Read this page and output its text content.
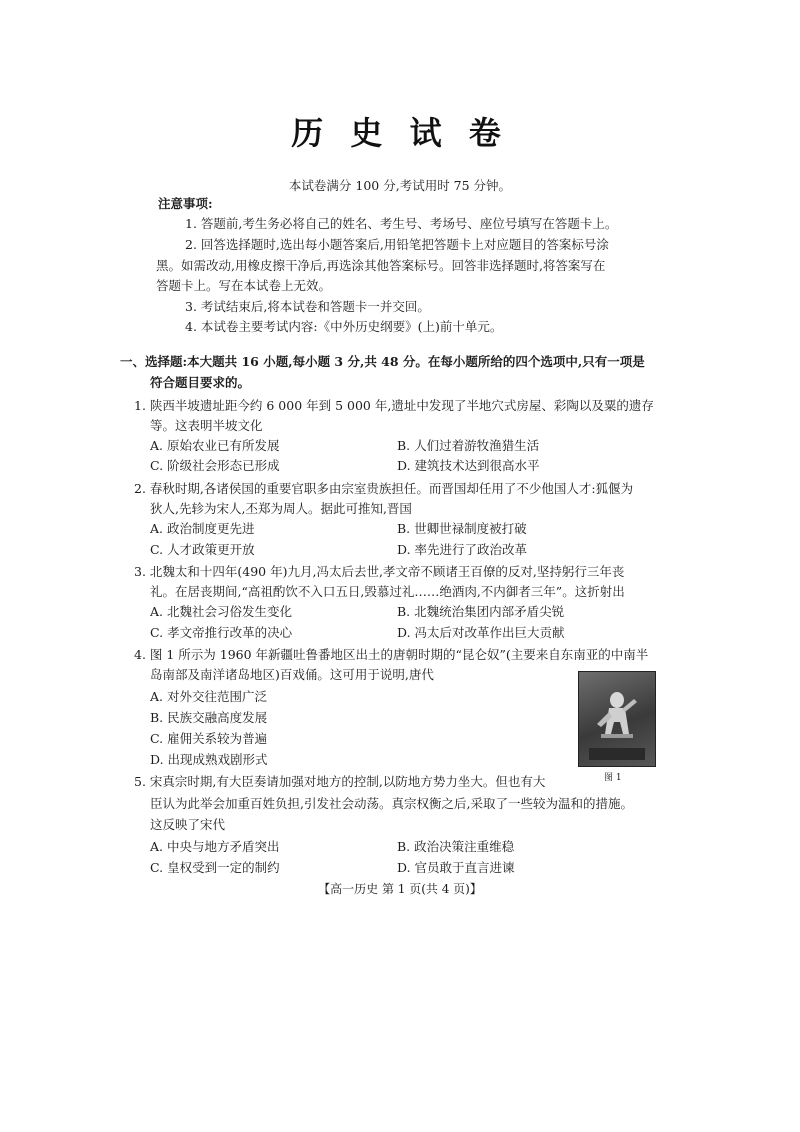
历 史 试 卷
本试卷满分 100 分,考试用时 75 分钟。
注意事项:
1. 答题前,考生务必将自己的姓名、考生号、考场号、座位号填写在答题卡上。
2. 回答选择题时,选出每小题答案后,用铅笔把答题卡上对应题目的答案标号涂
黑。如需改动,用橡皮擦干净后,再选涂其他答案标号。回答非选择题时,将答案写在
答题卡上。写在本试卷上无效。
3. 考试结束后,将本试卷和答题卡一并交回。
4. 本试卷主要考试内容:《中外历史纲要》(上)前十单元。
一、选择题:本大题共 16 小题,每小题 3 分,共 48 分。在每小题所给的四个选项中,只有一项是
符合题目要求的。
1. 陕西半坡遗址距今约 6 000 年到 5 000 年,遗址中发现了半地穴式房屋、彩陶以及粟的遗存
等。这表明半坡文化
A. 原始农业已有所发展	B. 人们过着游牧渔猎生活
C. 阶级社会形态已形成	D. 建筑技术达到很高水平
2. 春秋时期,各诸侯国的重要官职多由宗室贵族担任。而晋国却任用了不少他国人才:狐偃为
狄人,先轸为宋人,丕郑为周人。据此可推知,晋国
A. 政治制度更先进	B. 世卿世禄制度被打破
C. 人才政策更开放	D. 率先进行了政治改革
3. 北魏太和十四年(490 年)九月,冯太后去世,孝文帝不顾诸王百僚的反对,坚持躬行三年丧
礼。在居丧期间,“高祖酌饮不入口五日,毁慕过礼……绝酒肉,不内御者三年”。这折射出
A. 北魏社会习俗发生变化	B. 北魏统治集团内部矛盾尖锐
C. 孝文帝推行改革的决心	D. 冯太后对改革作出巨大贡献
4. 图 1 所示为 1960 年新疆吐鲁番地区出土的唐朝时期的“昆仑奴”(主要来自东南亚的中南半
岛南部及南洋诸岛地区)百戏俑。这可用于说明,唐代
A. 对外交往范围广泛
B. 民族交融高度发展
C. 雇佣关系较为普遍
D. 出现成熟戏剧形式
图 1
5. 宋真宗时期,有大臣奏请加强对地方的控制,以防地方势力坐大。但也有大
臣认为此举会加重百姓负担,引发社会动荡。真宗权衡之后,采取了一些较为温和的措施。
这反映了宋代
A. 中央与地方矛盾突出	B. 政治决策注重维稳
C. 皇权受到一定的制约	D. 官员敢于直言进谏
【高一历史 第 1 页(共 4 页)】
